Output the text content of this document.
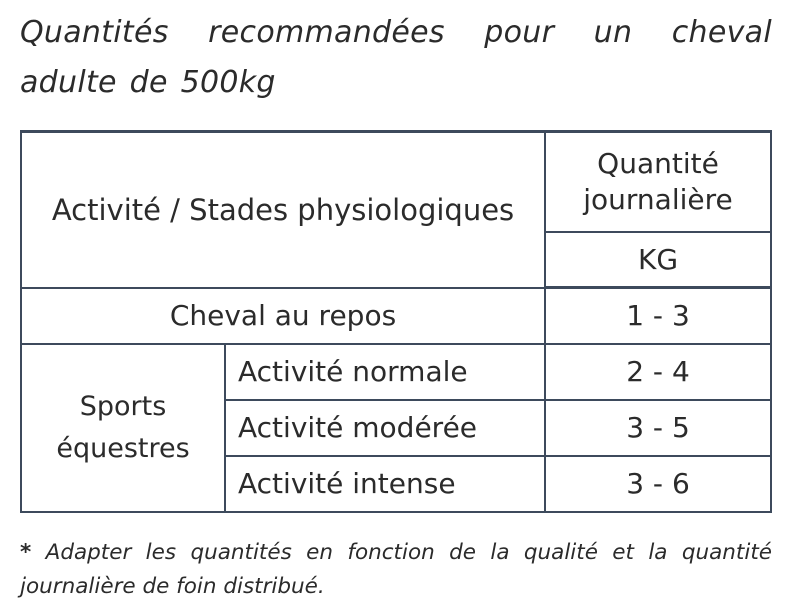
Quantités recommandées pour un cheval adulte de 500kg

Activité / Stades physiologiques		Quantité journalière
		KG
Cheval au repos		1 - 3
Sports équestres	Activité normale	2 - 4
	Activité modérée	3 - 5
	Activité intense	3 - 6

* Adapter les quantités en fonction de la qualité et la quantité journalière de foin distribué.
